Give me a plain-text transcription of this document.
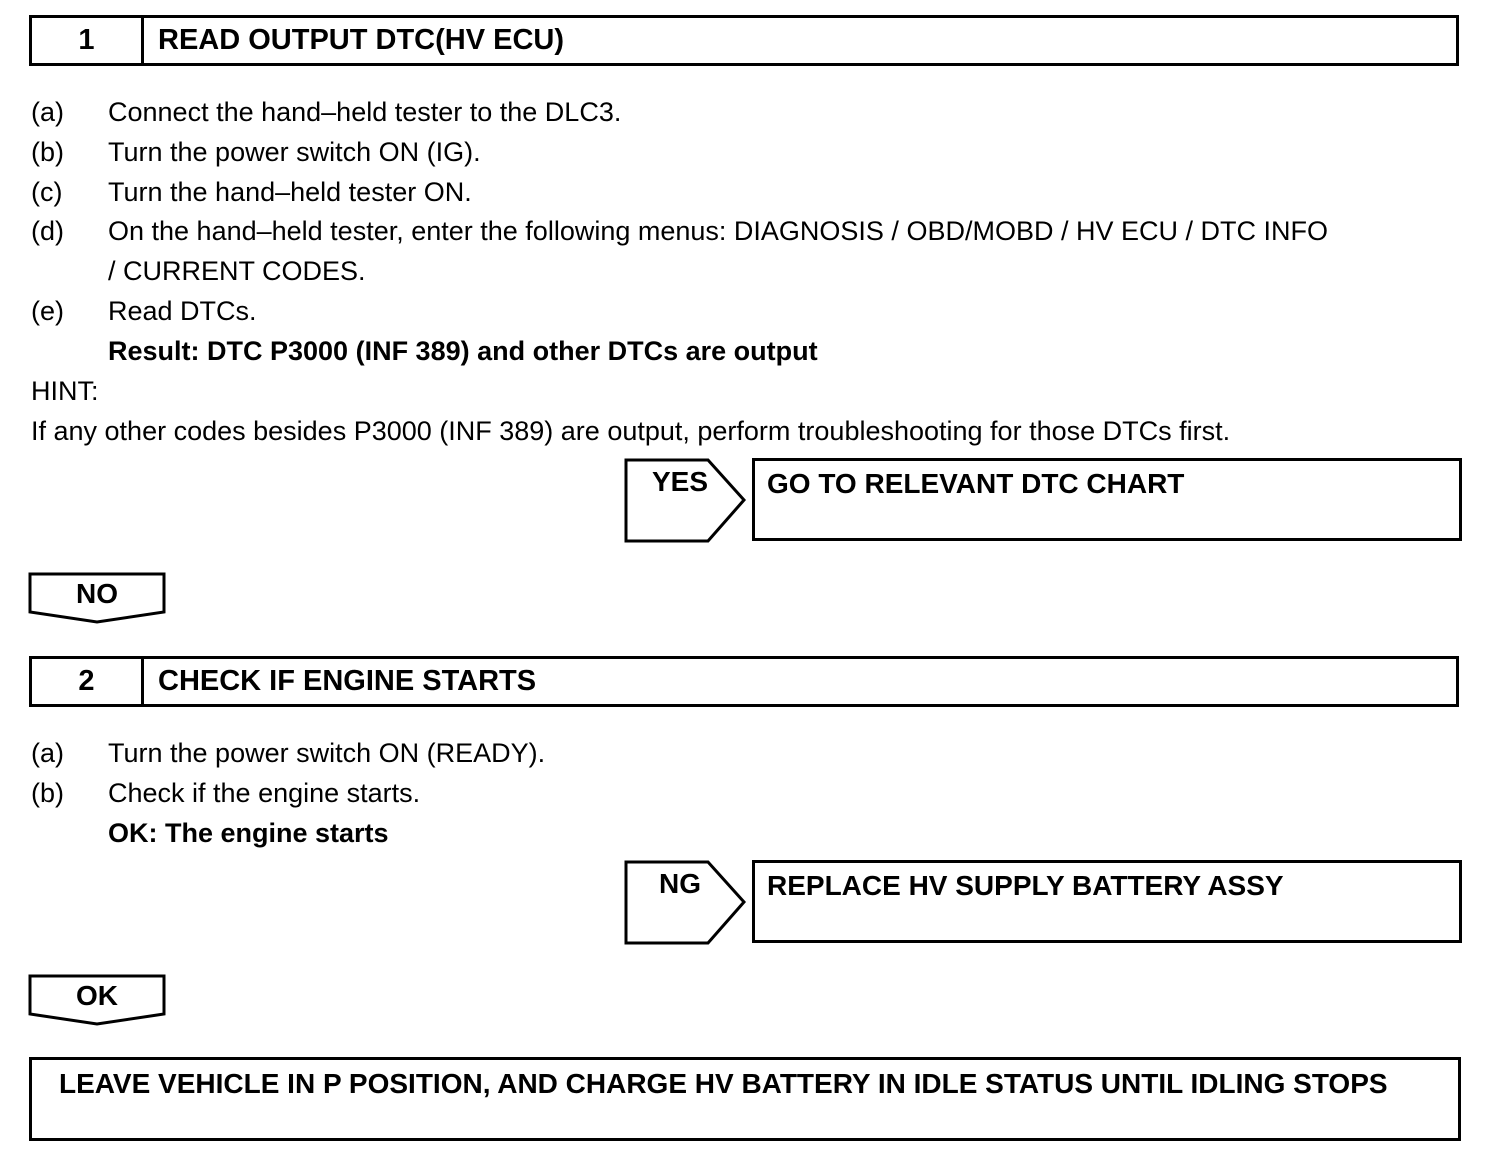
1	READ OUTPUT DTC(HV ECU)
(a) Connect the hand–held tester to the DLC3.
(b) Turn the power switch ON (IG).
(c) Turn the hand–held tester ON.
(d) On the hand–held tester, enter the following menus: DIAGNOSIS / OBD/MOBD / HV ECU / DTC INFO
/ CURRENT CODES.
(e) Read DTCs.
Result: DTC P3000 (INF 389) and other DTCs are output
HINT:
If any other codes besides P3000 (INF 389) are output, perform troubleshooting for those DTCs first.
YES	GO TO RELEVANT DTC CHART
NO
2	CHECK IF ENGINE STARTS
(a) Turn the power switch ON (READY).
(b) Check if the engine starts.
OK: The engine starts
NG	REPLACE HV SUPPLY BATTERY ASSY
OK
LEAVE VEHICLE IN P POSITION, AND CHARGE HV BATTERY IN IDLE STATUS UNTIL IDLING STOPS
